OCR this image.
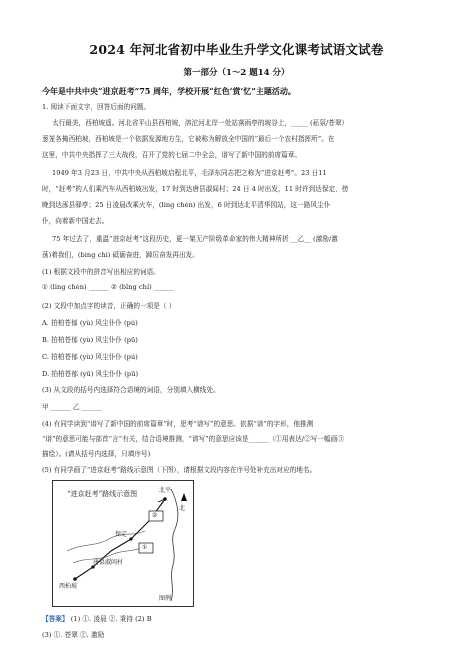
2024 年河北省初中毕业生升学文化课考试语文试卷
第一部分（1～2 题14 分）
今年是中共中央“进京赶考”75 周年，学校开展“红色‘赏’忆”主题活动。
1. 阅读下面文字，回答后面的问题。
太行最美，西柏坡遥。河北省平山县西柏坡，溶沱河北岸一处站落雨亭的坡谷上，_____ (菘氛/苍翠）
葱茏各掩西柏坡，西柏坡是一个依据发源地方生，它被称为解放全中国的“最后一个农村指挥所”。在
这里，中共中央指挥了三大战役，召开了党的七届二中全会，谱写了新中国的前席篇章。
1949 年3 月23 日，中共中央从西柏坡启程北平，毛泽东同志把之称为“进京赶考”。23 日11
时，“赶考”的人们乘汽车从西柏坡出发，17 时到达唐县淑闾村；24 日 4 时出发，11 时许到达保定，傍
晚到达涿县驿亭；25 日凌晨改乘火车，(ling chén) 出发，6 时到达北平清华园站，这一路风尘仆
仆，向着新中国走去。
75 年过去了，重温“进京赶考”这段历史，更一架无产阶级革命家的伟大精神所折 __乙__ (激励/激
荡)着我们，(bing chi) 砥砺奋进，踔厉奋发再出发。
(1) 根据文段中的拼音写出相应的词语。
① (ling chén) ______ ② (bǐng chí) ______
(2) 文段中加点字的读音，正确的一项是（ ）
A. 拍柏苍郁 (yù) 风尘仆仆 (pú)
B. 拍柏苍郁 (yù) 风尘仆仆 (pū)
C. 拍柏苍郁 (yù) 风尘仆仆 (pú)
D. 拍柏苍郁 (yū) 风尘仆仆 (pū)
(3) 从文段的括号内选择符合语境的词语，分别填入横线处。
甲 ______ 乙 ______
(4) 有同学读到“谱写了新中国的前席篇章”时，思考“谱写”的意思。依据“谱”的字形，他推测
“谱”的意思可能与部首“言”有关，结合语境推测，“谱写”的意思应该是______（①用表达/②写一幅画③
描绘）。(请从括号内选择，只填序号)
(5) 有同学画了“进京赶考”路线示意图（下图），请根据文段内容在序号处补充出对应的地名。
“进京赶考”路线示意图	北平
唐县淑闾村
西柏坡
保定
①
②
北
图例
【答案】 (1) ①. 凌晨 ②. 秉持 (2) B
(3) ①. 苍翠 ②. 激励
